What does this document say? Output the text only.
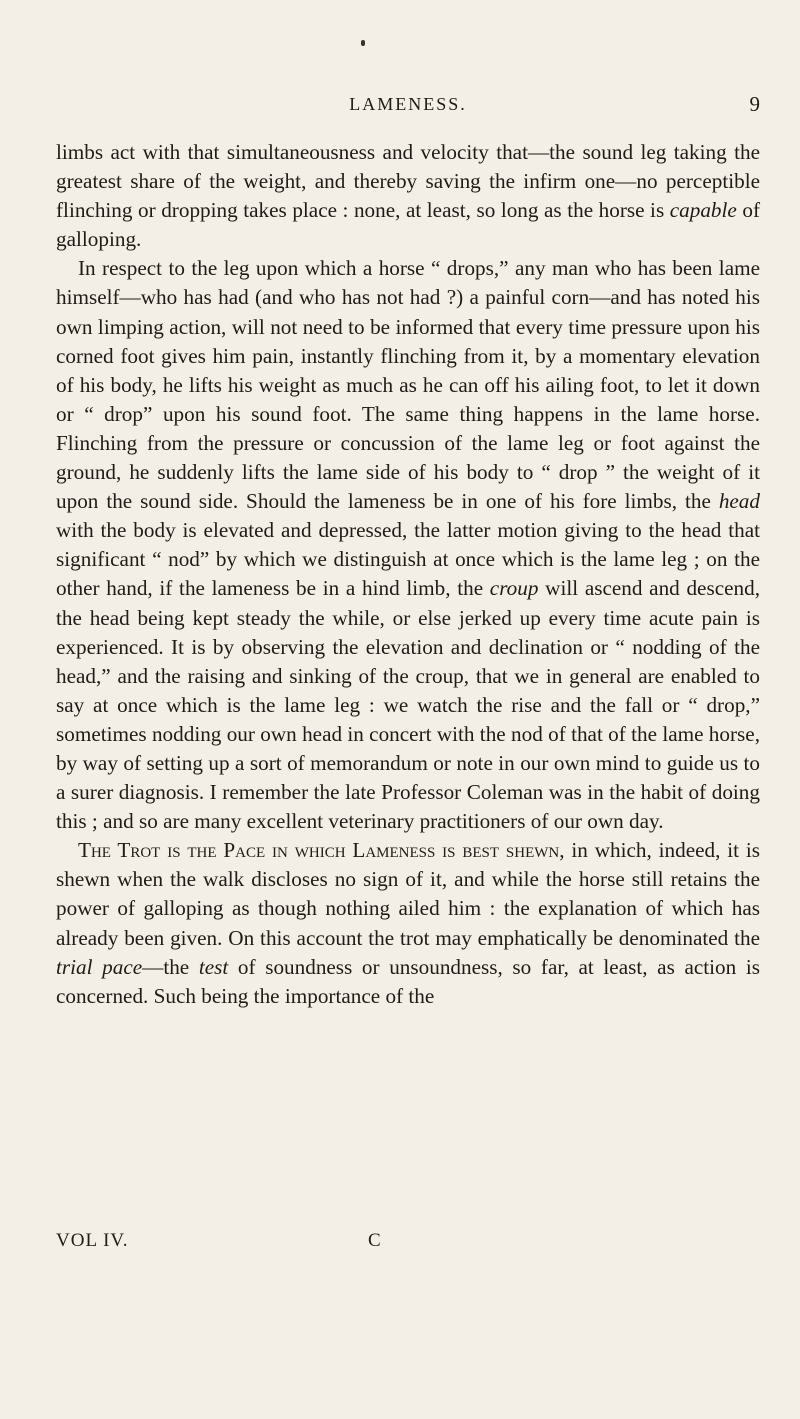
LAMENESS.	9

limbs act with that simultaneousness and velocity that—the sound leg taking the greatest share of the weight, and thereby saving the infirm one—no perceptible flinching or dropping takes place : none, at least, so long as the horse is capable of galloping.

In respect to the leg upon which a horse “ drops,” any man who has been lame himself—who has had (and who has not had ?) a painful corn—and has noted his own limping action, will not need to be informed that every time pressure upon his corned foot gives him pain, instantly flinching from it, by a momentary elevation of his body, he lifts his weight as much as he can off his ailing foot, to let it down or “ drop” upon his sound foot. The same thing happens in the lame horse. Flinching from the pressure or concussion of the lame leg or foot against the ground, he suddenly lifts the lame side of his body to “ drop ” the weight of it upon the sound side. Should the lameness be in one of his fore limbs, the head with the body is elevated and depressed, the latter motion giving to the head that significant “ nod” by which we distinguish at once which is the lame leg ; on the other hand, if the lameness be in a hind limb, the croup will ascend and descend, the head being kept steady the while, or else jerked up every time acute pain is experienced. It is by observing the elevation and declination or “ nodding of the head,” and the raising and sinking of the croup, that we in general are enabled to say at once which is the lame leg : we watch the rise and the fall or “ drop,” sometimes nodding our own head in concert with the nod of that of the lame horse, by way of setting up a sort of memorandum or note in our own mind to guide us to a surer diagnosis. I remember the late Professor Coleman was in the habit of doing this ; and so are many excellent veterinary practitioners of our own day.

The Trot is the Pace in which Lameness is best shewn, in which, indeed, it is shewn when the walk discloses no sign of it, and while the horse still retains the power of galloping as though nothing ailed him : the explanation of which has already been given. On this account the trot may emphatically be denominated the trial pace—the test of soundness or unsoundness, so far, at least, as action is concerned. Such being the importance of the

VOL IV.	C
